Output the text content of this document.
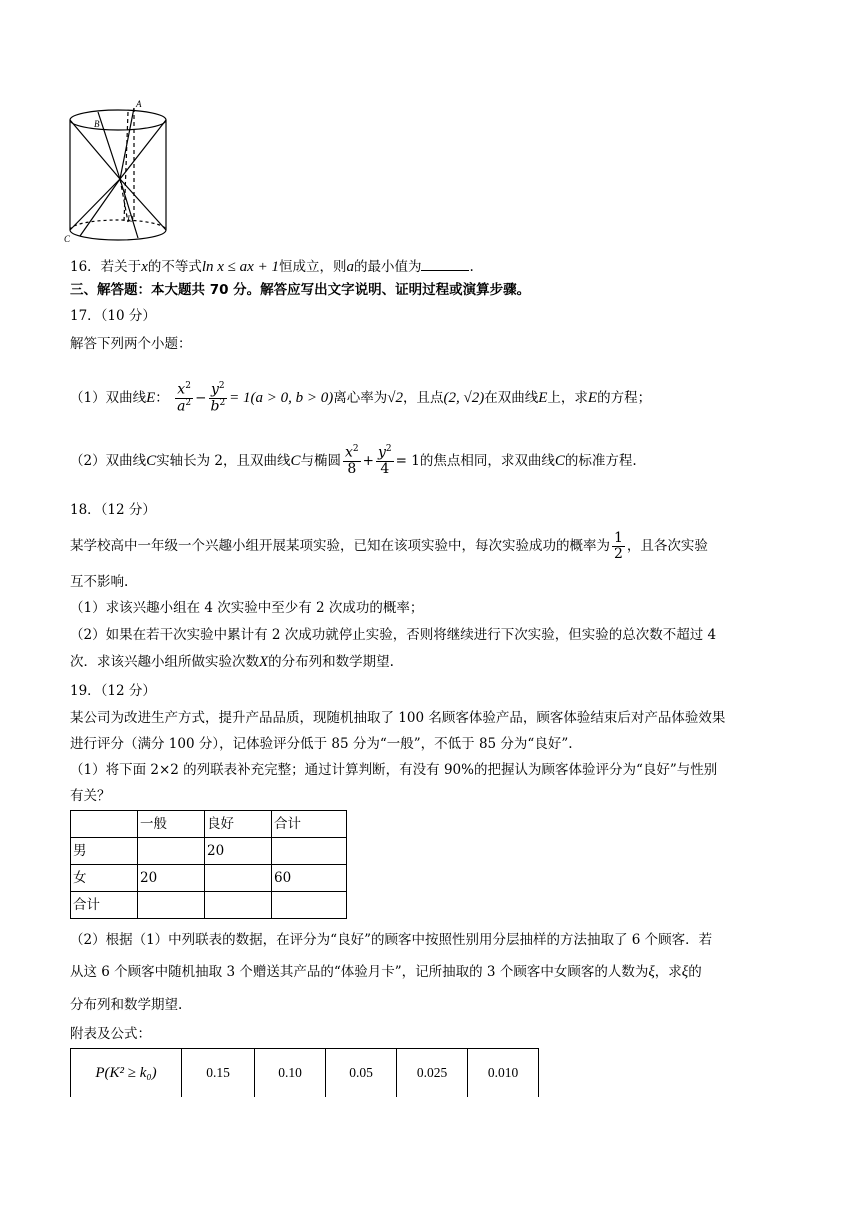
A
B
C
D
16．若关于x的不等式ln x ≤ ax + 1恒成立，则a的最小值为	.
三、解答题：本大题共 70 分。解答应写出文字说明、证明过程或演算步骤。
17．（10 分）
解答下列两个小题：
（1）双曲线E： $\frac{x^2}{a^2} - \frac{y^2}{b^2} = 1(a > 0$, b > 0)离心率为√2，且点(2, √2)在双曲线E上，求E的方程；
（2）双曲线C实轴长为 2，且双曲线C与椭圆 $\frac{x^2}{8} + \frac{y^2}{4} = 1$的焦点相同，求双曲线C的标准方程.
18．（12 分）
某学校高中一年级一个兴趣小组开展某项实验，已知在该项实验中，每次实验成功的概率为 $\frac{1}{2}$ ，且各次实验
互不影响.
（1）求该兴趣小组在 4 次实验中至少有 2 次成功的概率；
（2）如果在若干次实验中累计有 2 次成功就停止实验，否则将继续进行下次实验，但实验的总次数不超过 4
次．求该兴趣小组所做实验次数X的分布列和数学期望.
19．（12 分）
某公司为改进生产方式，提升产品品质，现随机抽取了 100 名顾客体验产品，顾客体验结束后对产品体验效果
进行评分（满分 100 分），记体验评分低于 85 分为“一般”，不低于 85 分为“良好”.
（1）将下面 2×2 的列联表补充完整；通过计算判断，有没有 90%的把握认为顾客体验评分为“良好”与性别
有关？
	一般	良好	合计
男		20	
女	20		60
合计			
（2）根据（1）中列联表的数据，在评分为“良好”的顾客中按照性别用分层抽样的方法抽取了 6 个顾客．若
从这 6 个顾客中随机抽取 3 个赠送其产品的“体验月卡”，记所抽取的 3 个顾客中女顾客的人数为ξ，求ξ的
分布列和数学期望.
附表及公式：
P(K² ≥ k₀)	0.15	0.10	0.05	0.025	0.010
